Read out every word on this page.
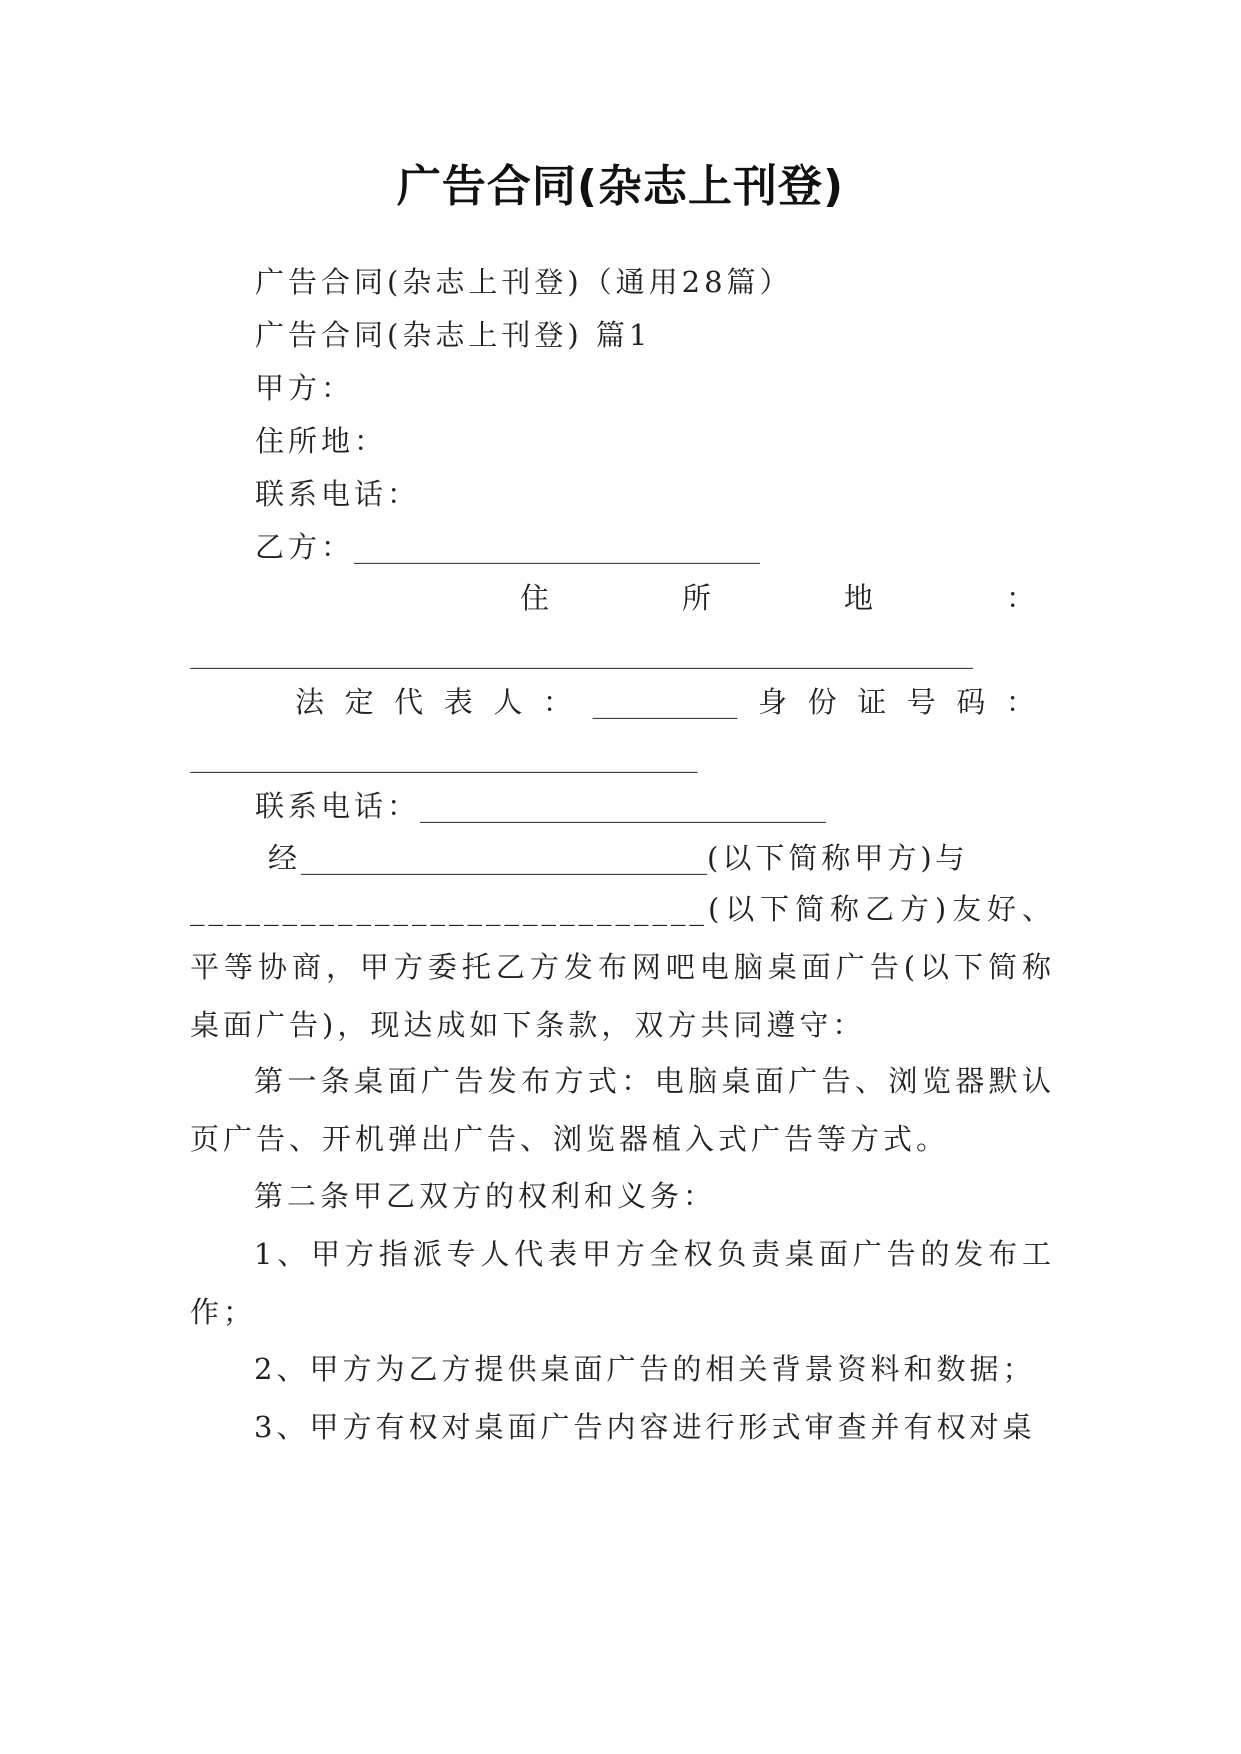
广告合同(杂志上刊登)
广告合同(杂志上刊登)（通用28篇）
广告合同(杂志上刊登) 篇1
甲方：
住所地：
联系电话：
乙方：____________________________
住	所	地	：
______________________________________________________
法 定 代 表 人 ： __________ 身 份 证 号 码 ：
___________________________________
联系电话：____________________________
经____________________________(以下简称甲方)与
____________________________(以下简称乙方)友好、平等协商，甲方委托乙方发布网吧电脑桌面广告(以下简称桌面广告)，现达成如下条款，双方共同遵守：
第一条桌面广告发布方式：电脑桌面广告、浏览器默认页广告、开机弹出广告、浏览器植入式广告等方式。
第二条甲乙双方的权利和义务：
1、甲方指派专人代表甲方全权负责桌面广告的发布工作；
2、甲方为乙方提供桌面广告的相关背景资料和数据；
3、甲方有权对桌面广告内容进行形式审查并有权对桌
